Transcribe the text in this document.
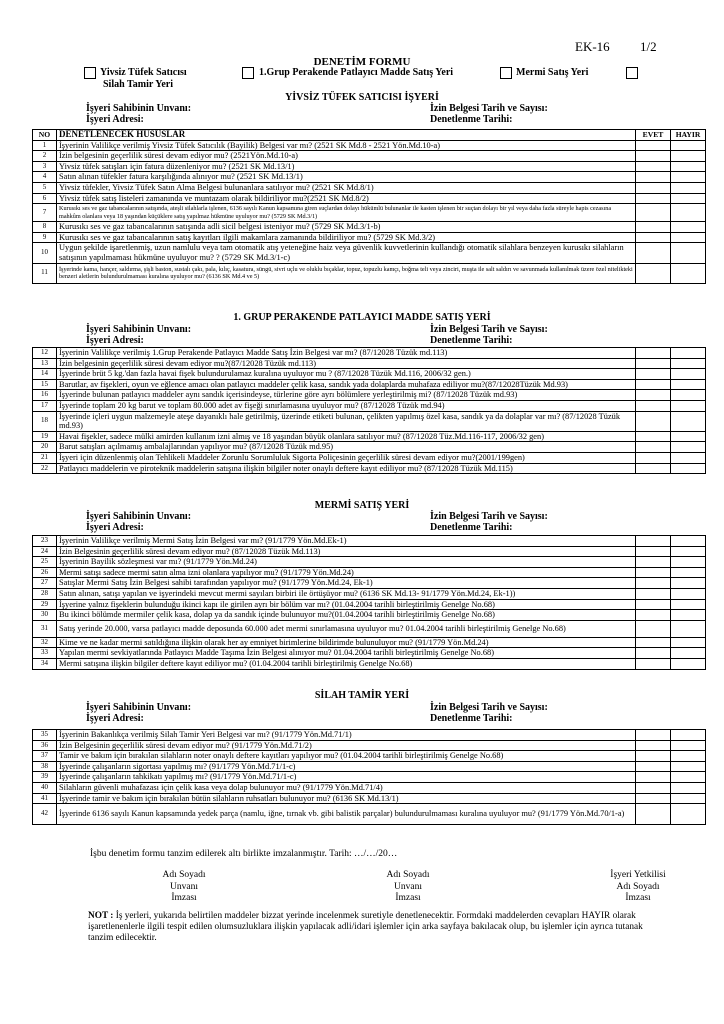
EK-16 1/2
DENETİM FORMU
Yivsiz Tüfek Satıcısı	1.Grup Perakende Patlayıcı Madde Satış Yeri	Mermi Satış Yeri
Silah Tamir Yeri
YİVSİZ TÜFEK SATICISI İŞYERİ
İşyeri Sahibinin Unvanı:
İşyeri Adresi:
İzin Belgesi Tarih ve Sayısı:
Denetlenme Tarihi:
NO	DENETLENECEK HUSUSLAR	EVET	HAYIR
1	İşyerinin Valilikçe verilmiş Yivsiz Tüfek Satıcılık (Bayilik) Belgesi var mı? (2521 SK Md.8 - 2521 Yön.Md.10-a)		
2	İzin belgesinin geçerlilik süresi devam ediyor mu? (2521Yön.Md.10-a)		
3	Yivsiz tüfek satışları için fatura düzenleniyor mu? (2521 SK Md.13/1)		
4	Satın alınan tüfekler fatura karşılığında alınıyor mu? (2521 SK Md.13/1)		
5	Yivsiz tüfekler, Yivsiz Tüfek Satın Alma Belgesi bulunanlara satılıyor mu? (2521 SK Md.8/1)		
6	Yivsiz tüfek satış listeleri zamanında ve muntazam olarak bildiriliyor mu?(2521 SK Md.8/2)		
7	Kurusıkı ses ve gaz tabancalarının satışında, ateşli silahlarla işlenen, 6136 sayılı Kanun kapsamına giren suçlardan dolayı hükümlü bulunanlar ile kasten işlenen bir suçtan dolayı bir yıl veya daha fazla süreyle hapis cezasına mahkûm olanlara veya 18 yaşından küçüklere satış yapılmaz hükmüne uyuluyor mu? (5729 SK Md.3/1)		
8	Kurusıkı ses ve gaz tabancalarının satışında adli sicil belgesi isteniyor mu? (5729 SK Md.3/1-b)		
9	Kurusıkı ses ve gaz tabancalarının satış kayıtları ilgili makamlara zamanında bildiriliyor mu? (5729 SK Md.3/2)		
10	Uygun şekilde işaretlenmiş, uzun namlulu veya tam otomatik atış yeteneğine haiz veya güvenlik kuvvetlerinin kullandığı otomatik silahlara benzeyen kurusıkı silahların satışının yapılmaması hükmüne uyuluyor mu? ? (5729 SK Md.3/1-c)		
11	İşyerinde kama, hançer, saldırma, şişli baston, sustalı çakı, pala, kılıç, kasatura, süngü, sivri uçlu ve oluklu bıçaklar, topuz, topuzlu kamçı, boğma teli veya zinciri, muşta ile salt saldırı ve savunmada kullanılmak üzere özel nitelikteki benzeri aletlerin bulundurulmaması kuralına uyuluyor mu? (6136 SK Md.4 ve 5)		
1. GRUP PERAKENDE PATLAYICI MADDE SATIŞ YERİ
İşyeri Sahibinin Unvanı:
İşyeri Adresi:
İzin Belgesi Tarih ve Sayısı:
Denetlenme Tarihi:
12	İşyerinin Valilikçe verilmiş 1.Grup Perakende Patlayıcı Madde Satış İzin Belgesi var mı? (87/12028 Tüzük md.113)		
13	İzin belgesinin geçerlilik süresi devam ediyor mu?(87/12028 Tüzük md.113)		
14	İşyerinde brüt 5 kg.'dan fazla havai fişek bulundurulamaz kuralına uyuluyor mu ? (87/12028 Tüzük Md.116, 2006/32 gen.)		
15	Barutlar, av fişekleri, oyun ve eğlence amacı olan patlayıcı maddeler çelik kasa, sandık yada dolaplarda muhafaza ediliyor mu?(87/12028Tüzük Md.93)		
16	İşyerinde bulunan patlayıcı maddeler aynı sandık içerisindeyse, türlerine göre ayrı bölümlere yerleştirilmiş mi? (87/12028 Tüzük md.93)		
17	İşyerinde toplam 20 kg barut ve toplam 80.000 adet av fişeği sınırlamasına uyuluyor mu? (87/12028 Tüzük md.94)		
18	İşyerinde içleri uygun malzemeyle ateşe dayanıklı hale getirilmiş, üzerinde etiketi bulunan, çelikten yapılmış özel kasa, sandık ya da dolaplar var mı? (87/12028 Tüzük md.93)		
19	Havai fişekler, sadece mülki amirden kullanım izni almış ve 18 yaşından büyük olanlara satılıyor mu? (87/12028 Tüz.Md.116-117, 2006/32 gen)		
20	Barut satışları açılmamış ambalajlarından yapılıyor mu? (87/12028 Tüzük md.95)		
21	İşyeri için düzenlenmiş olan Tehlikeli Maddeler Zorunlu Sorumluluk Sigorta Poliçesinin geçerlilik süresi devam ediyor mu?(2001/199gen)		
22	Patlayıcı maddelerin ve piroteknik maddelerin satışına ilişkin bilgiler noter onaylı deftere kayıt ediliyor mu? (87/12028 Tüzük Md.115)		
MERMİ SATIŞ YERİ
İşyeri Sahibinin Unvanı:
İşyeri Adresi:
İzin Belgesi Tarih ve Sayısı:
Denetlenme Tarihi:
23	İşyerinin Valilikçe verilmiş Mermi Satış İzin Belgesi var mı? (91/1779 Yön.Md.Ek-1)		
24	İzin Belgesinin geçerlilik süresi devam ediyor mu? (87/12028 Tüzük Md.113)		
25	İşyerinin Bayilik sözleşmesi var mı? (91/1779 Yön.Md.24)		
26	Mermi satışı sadece mermi satın alma izni olanlara yapılıyor mu? (91/1779 Yön.Md.24)		
27	Satışlar Mermi Satış İzin Belgesi sahibi tarafından yapılıyor mu? (91/1779 Yön.Md.24, Ek-1)		
28	Satın alınan, satışı yapılan ve işyerindeki mevcut mermi sayıları birbiri ile örtüşüyor mu? (6136 SK Md.13- 91/1779 Yön.Md.24, Ek-1))		
29	İşyerine yalnız fişeklerin bulunduğu ikinci kapı ile girilen ayrı bir bölüm var mı? (01.04.2004 tarihli birleştirilmiş Genelge No.68)		
30	Bu ikinci bölümde mermiler çelik kasa, dolap ya da sandık içinde bulunuyor mu?(01.04.2004 tarihli birleştirilmiş Genelge No.68)		
31	Satış yerinde 20.000, varsa patlayıcı madde deposunda 60.000 adet mermi sınırlamasına uyuluyor mu? 01.04.2004 tarihli birleştirilmiş Genelge No.68)		
32	Kime ve ne kadar mermi satıldığına ilişkin olarak her ay emniyet birimlerine bildirimde bulunuluyor mu? (91/1779 Yön.Md.24)		
33	Yapılan mermi sevkiyatlarında Patlayıcı Madde Taşıma İzin Belgesi alınıyor mu? 01.04.2004 tarihli birleştirilmiş Genelge No.68)		
34	Mermi satışına ilişkin bilgiler deftere kayıt ediliyor mu? (01.04.2004 tarihli birleştirilmiş Genelge No.68)		
SİLAH TAMİR YERİ
İşyeri Sahibinin Unvanı:
İşyeri Adresi:
İzin Belgesi Tarih ve Sayısı:
Denetlenme Tarihi:
35	İşyerinin Bakanlıkça verilmiş Silah Tamir Yeri Belgesi var mı? (91/1779 Yön.Md.71/1)		
36	İzin Belgesinin geçerlilik süresi devam ediyor mu? (91/1779 Yön.Md.71/2)		
37	Tamir ve bakım için bırakılan silahların noter onaylı deftere kayıtları yapılıyor mu? (01.04.2004 tarihli birleştirilmiş Genelge No.68)		
38	İşyerinde çalışanların sigortası yapılmış mı? (91/1779 Yön.Md.71/1-c)		
39	İşyerinde çalışanların tahkikatı yapılmış mı? (91/1779 Yön.Md.71/1-c)		
40	Silahların güvenli muhafazası için çelik kasa veya dolap bulunuyor mu? (91/1779 Yön.Md.71/4)		
41	İşyerinde tamir ve bakım için bırakılan bütün silahların ruhsatları bulunuyor mu? (6136 SK Md.13/1)		
42	İşyerinde 6136 sayılı Kanun kapsamında yedek parça (namlu, iğne, tırnak vb. gibi balistik parçalar) bulundurulmaması kuralına uyuluyor mu? (91/1779 Yön.Md.70/1-a)		
İşbu denetim formu tanzim edilerek altı birlikte imzalanmıştır. Tarih: …/…/20…
Adı Soyadı
Unvanı
İmzası
Adı Soyadı
Unvanı
İmzası
İşyeri Yetkilisi
Adı Soyadı
İmzası
NOT : İş yerleri, yukarıda belirtilen maddeler bizzat yerinde incelenmek suretiyle denetlenecektir. Formdaki maddelerden cevapları HAYIR olarak işaretlenenlerle ilgili tespit edilen olumsuzluklara ilişkin yapılacak adli/idari işlemler için arka sayfaya bakılacak olup, bu işlemler için ayrıca tutanak tanzim edilecektir.
